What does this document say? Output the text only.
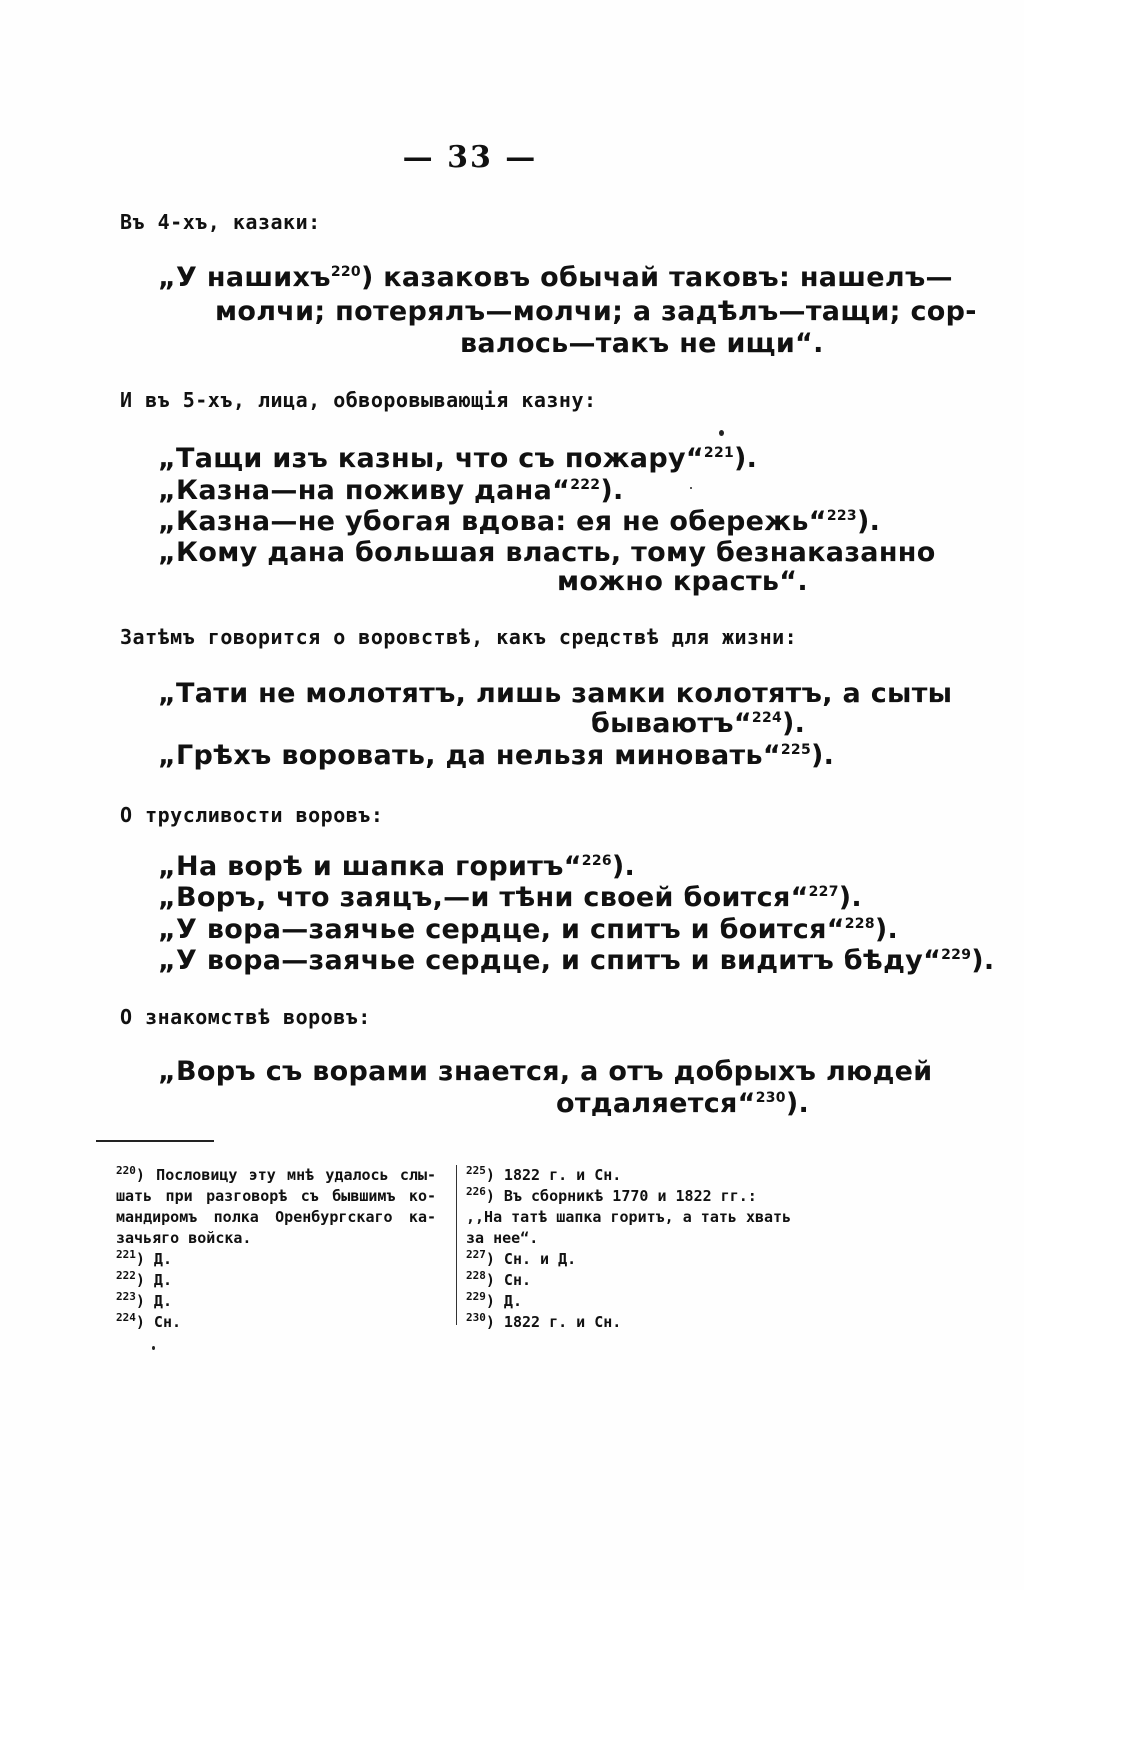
— 33 —
Въ 4-хъ, казаки:
„У нашихъ$^{220}$) казаковъ обычай таковъ: нашелъ—
молчи; потерялъ—молчи; а задѣлъ—тащи; сор-
валось—такъ не ищи“.
И въ 5-хъ, лица, обворовывающія казну:
„Тащи изъ казны, что съ пожару“$^{221}$).
„Казна—на поживу дана“$^{222}$).
„Казна—не убогая вдова: ея не обережь“$^{223}$).
„Кому дана большая власть, тому безнаказанно
можно красть“.
Затѣмъ говорится о воровствѣ, какъ средствѣ для жизни:
„Тати не молотятъ, лишь замки колотятъ, а сыты
бываютъ“$^{224}$).
„Грѣхъ воровать, да нельзя миновать“$^{225}$).
О трусливости воровъ:
„На ворѣ и шапка горитъ“$^{226}$).
„Воръ, что заяцъ,—и тѣни своей боится“$^{227}$).
„У вора—заячье сердце, и спитъ и боится“$^{228}$).
„У вора—заячье сердце, и спитъ и видитъ бѣду“$^{229}$).
О знакомствѣ воровъ:
„Воръ съ ворами знается, а отъ добрыхъ людей
отдаляется“$^{230}$).
$^{220}$) Пословицу эту мнѣ удалось слы-
шать при разговорѣ съ бывшимъ ко-
мандиромъ полка Оренбургскаго ка-
зачьяго войска.
$^{221}$) Д.
$^{222}$) Д.
$^{223}$) Д.
$^{224}$) Сн.
$^{225}$) 1822 г. и Сн.
$^{226}$) Въ сборникѣ 1770 и 1822 гг.:
,,На татѣ шапка горитъ, а тать хвать
за нее“.
$^{227}$) Сн. и Д.
$^{228}$) Сн.
$^{229}$) Д.
$^{230}$) 1822 г. и Сн.
